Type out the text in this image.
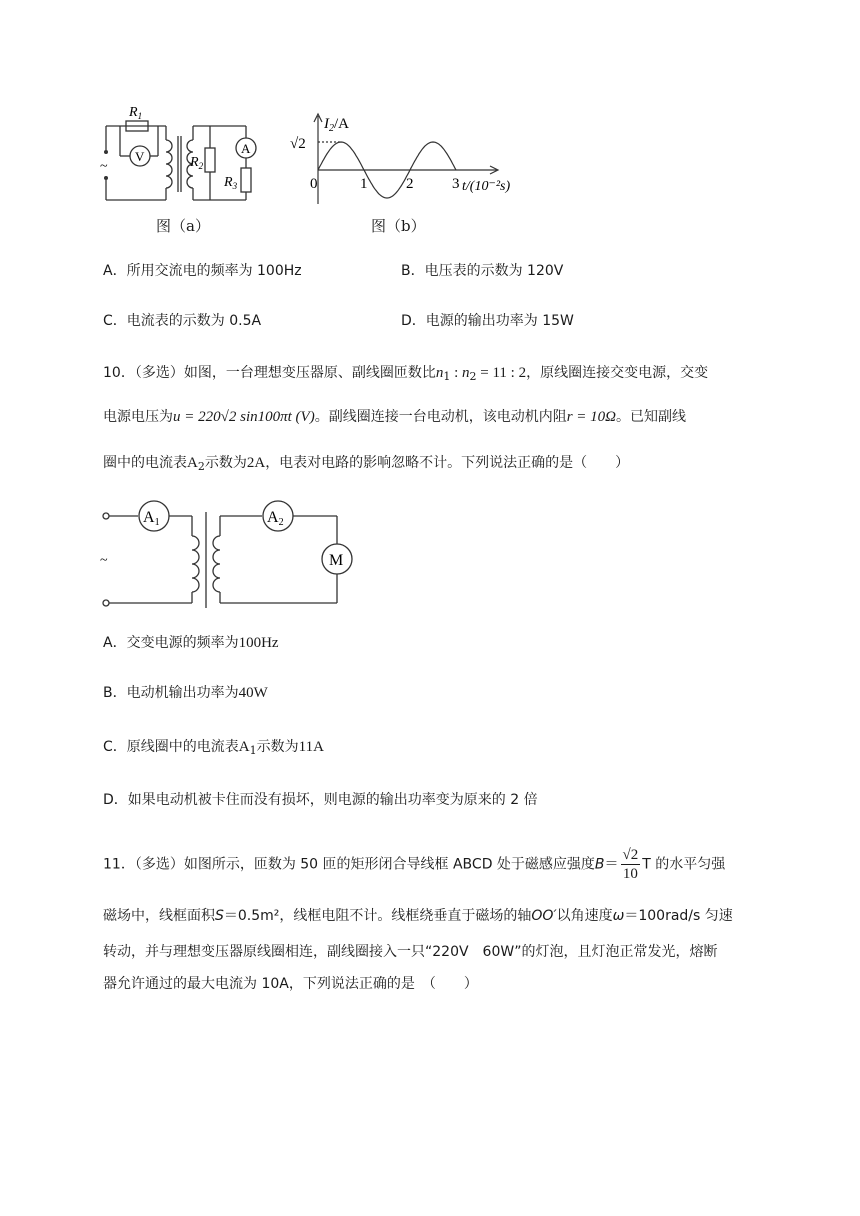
~
$R_1$
V	$R_2$
A
$R_3$
图（a）
$I_2/A$
√2
0	1	2	3 t/(10⁻²s)
图（b）
A．所用交流电的频率为 100Hz	B．电压表的示数为 120V
C．电流表的示数为 0.5A	D．电源的输出功率为 15W
10．（多选）如图，一台理想变压器原、副线圈匝数比$n_1$ : $n_2 = 11$ : 2，原线圈连接交变电源，交变
电源电压为u = 220√2 sin100πt (V)。副线圈连接一台电动机，该电动机内阻r = 10Ω。已知副线
圈中的电流表$A_2$示数为2A，电表对电路的影响忽略不计。下列说法正确的是（　　）
A1	A2
M
~
A．交变电源的频率为100Hz
B．电动机输出功率为40W
C．原线圈中的电流表$A_1$示数为11A
D．如果电动机被卡住而没有损坏，则电源的输出功率变为原来的 2 倍
11．（多选）如图所示，匝数为 50 匝的矩形闭合导线框 ABCD 处于磁感应强度$B= \frac{√2}{10}$ T 的水平匀强
磁场中，线框面积S＝0.5m²，线框电阻不计。线框绕垂直于磁场的轴OO′以角速度ω＝100rad/s 匀速
转动，并与理想变压器原线圈相连，副线圈接入一只“220V　60W”的灯泡，且灯泡正常发光，熔断
器允许通过的最大电流为 10A，下列说法正确的是　（　　）
